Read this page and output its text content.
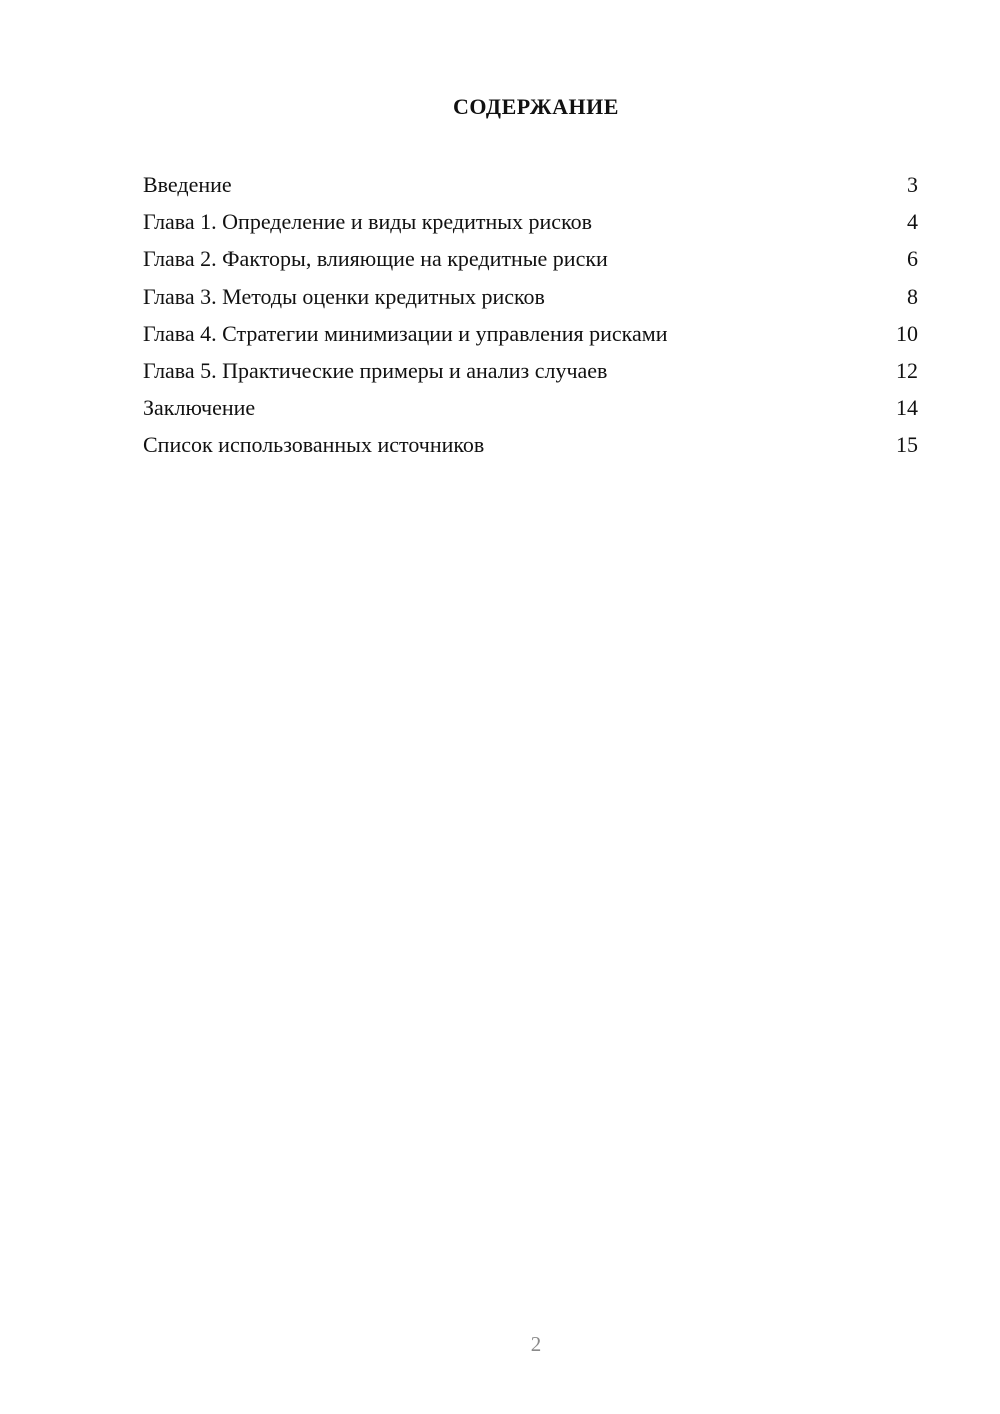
СОДЕРЖАНИЕ
Введение	3
Глава 1. Определение и виды кредитных рисков	4
Глава 2. Факторы, влияющие на кредитные риски	6
Глава 3. Методы оценки кредитных рисков	8
Глава 4. Стратегии минимизации и управления рисками	10
Глава 5. Практические примеры и анализ случаев	12
Заключение	14
Список использованных источников	15
2
